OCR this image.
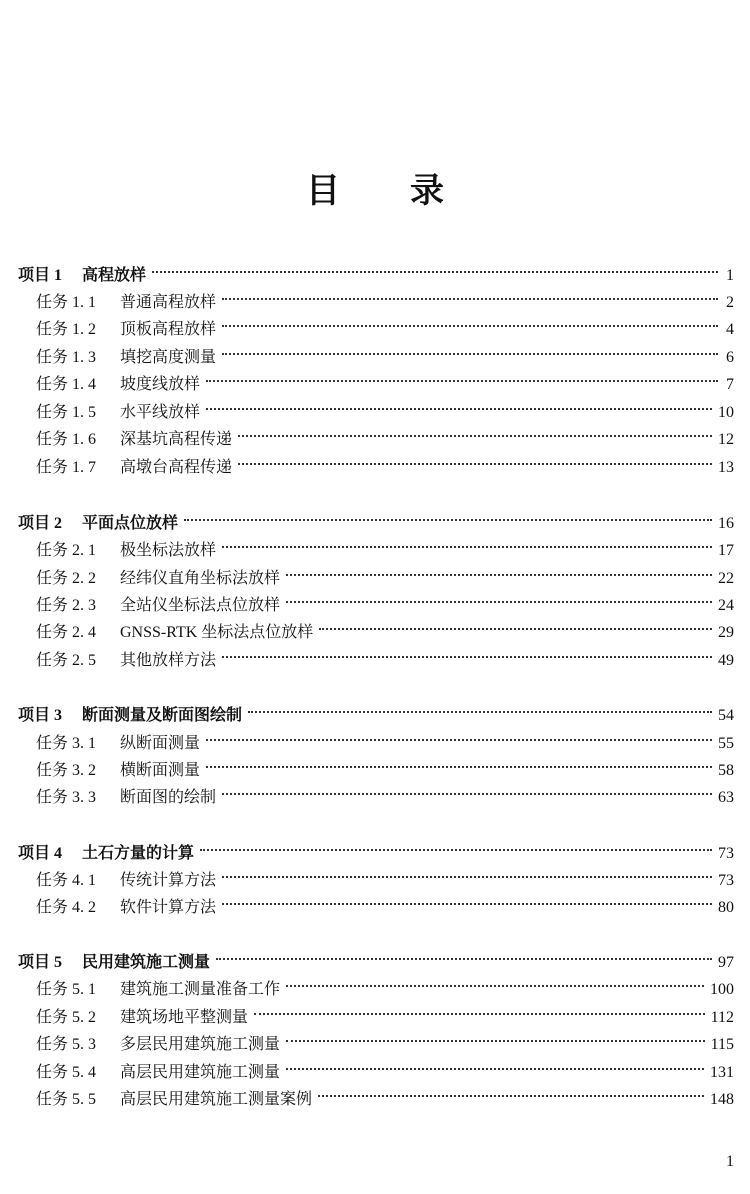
目 录
项目 1	高程放样	1
任务 1. 1	普通高程放样	2
任务 1. 2	顶板高程放样	4
任务 1. 3	填挖高度测量	6
任务 1. 4	坡度线放样	7
任务 1. 5	水平线放样	10
任务 1. 6	深基坑高程传递	12
任务 1. 7	高墩台高程传递	13
项目 2	平面点位放样	16
任务 2. 1	极坐标法放样	17
任务 2. 2	经纬仪直角坐标法放样	22
任务 2. 3	全站仪坐标法点位放样	24
任务 2. 4	GNSS-RTK 坐标法点位放样	29
任务 2. 5	其他放样方法	49
项目 3	断面测量及断面图绘制	54
任务 3. 1	纵断面测量	55
任务 3. 2	横断面测量	58
任务 3. 3	断面图的绘制	63
项目 4	土石方量的计算	73
任务 4. 1	传统计算方法	73
任务 4. 2	软件计算方法	80
项目 5	民用建筑施工测量	97
任务 5. 1	建筑施工测量准备工作	100
任务 5. 2	建筑场地平整测量	112
任务 5. 3	多层民用建筑施工测量	115
任务 5. 4	高层民用建筑施工测量	131
任务 5. 5	高层民用建筑施工测量案例	148
1
